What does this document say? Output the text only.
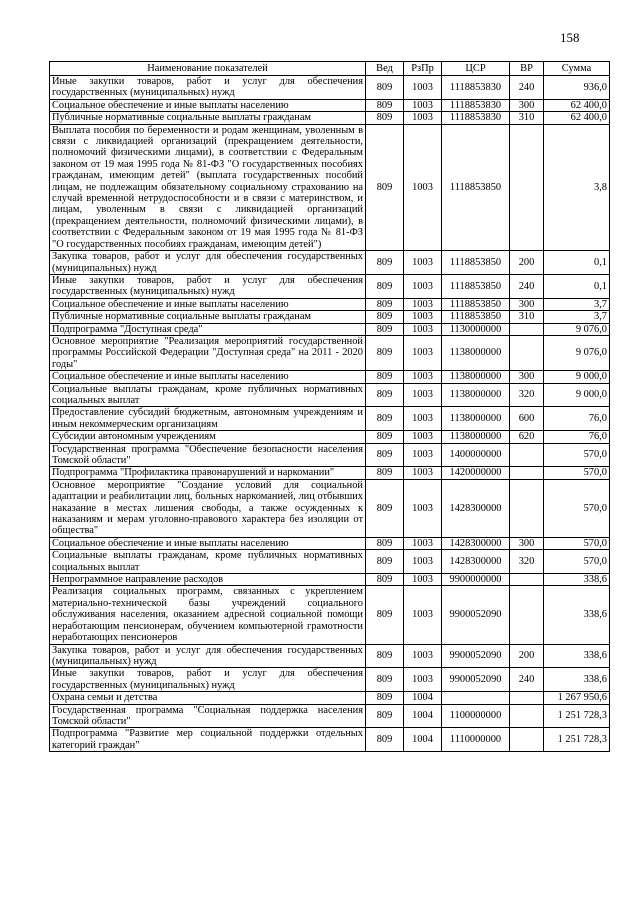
158
Наименование показателей	Вед	РзПр	ЦСР	ВР	Сумма
Иные закупки товаров, работ и услуг для обеспечения государственных (муниципальных) нужд	809	1003	1118853830	240	936,0
Социальное обеспечение и иные выплаты населению	809	1003	1118853830	300	62 400,0
Публичные нормативные социальные выплаты гражданам	809	1003	1118853830	310	62 400,0
Выплата пособия по беременности и родам женщинам, уволенным в связи с ликвидацией организаций (прекращением деятельности, полномочий физическими лицами), в соответствии с Федеральным законом от 19 мая 1995 года № 81-ФЗ "О государственных пособиях гражданам, имеющим детей" (выплата государственных пособий лицам, не подлежащим обязательному социальному страхованию на случай временной нетрудоспособности и в связи с материнством, и лицам, уволенным в связи с ликвидацией организаций (прекращением деятельности, полномочий физическими лицами), в соответствии с Федеральным законом от 19 мая 1995 года № 81-ФЗ "О государственных пособиях гражданам, имеющим детей")	809	1003	1118853850		3,8
Закупка товаров, работ и услуг для обеспечения государственных (муниципальных) нужд	809	1003	1118853850	200	0,1
Иные закупки товаров, работ и услуг для обеспечения государственных (муниципальных) нужд	809	1003	1118853850	240	0,1
Социальное обеспечение и иные выплаты населению	809	1003	1118853850	300	3,7
Публичные нормативные социальные выплаты гражданам	809	1003	1118853850	310	3,7
Подпрограмма "Доступная среда"	809	1003	1130000000		9 076,0
Основное мероприятие "Реализация мероприятий государственной программы Российской Федерации "Доступная среда" на 2011 - 2020 годы"	809	1003	1138000000		9 076,0
Социальное обеспечение и иные выплаты населению	809	1003	1138000000	300	9 000,0
Социальные выплаты гражданам, кроме публичных нормативных социальных выплат	809	1003	1138000000	320	9 000,0
Предоставление субсидий бюджетным, автономным учреждениям и иным некоммерческим организациям	809	1003	1138000000	600	76,0
Субсидии автономным учреждениям	809	1003	1138000000	620	76,0
Государственная программа "Обеспечение безопасности населения Томской области"	809	1003	1400000000		570,0
Подпрограмма "Профилактика правонарушений и наркомании"	809	1003	1420000000		570,0
Основное мероприятие "Создание условий для социальной адаптации и реабилитации лиц, больных наркоманией, лиц отбывших наказание в местах лишения свободы, а также осужденных к наказаниям и мерам уголовно-правового характера без изоляции от общества"	809	1003	1428300000		570,0
Социальное обеспечение и иные выплаты населению	809	1003	1428300000	300	570,0
Социальные выплаты гражданам, кроме публичных нормативных социальных выплат	809	1003	1428300000	320	570,0
Непрограммное направление расходов	809	1003	9900000000		338,6
Реализация социальных программ, связанных с укреплением материально-технической базы учреждений социального обслуживания населения, оказанием адресной социальной помощи неработающим пенсионерам, обучением компьютерной грамотности неработающих пенсионеров	809	1003	9900052090		338,6
Закупка товаров, работ и услуг для обеспечения государственных (муниципальных) нужд	809	1003	9900052090	200	338,6
Иные закупки товаров, работ и услуг для обеспечения государственных (муниципальных) нужд	809	1003	9900052090	240	338,6
Охрана семьи и детства	809	1004			1 267 950,6
Государственная программа "Социальная поддержка населения Томской области"	809	1004	1100000000		1 251 728,3
Подпрограмма "Развитие мер социальной поддержки отдельных категорий граждан"	809	1004	1110000000		1 251 728,3
